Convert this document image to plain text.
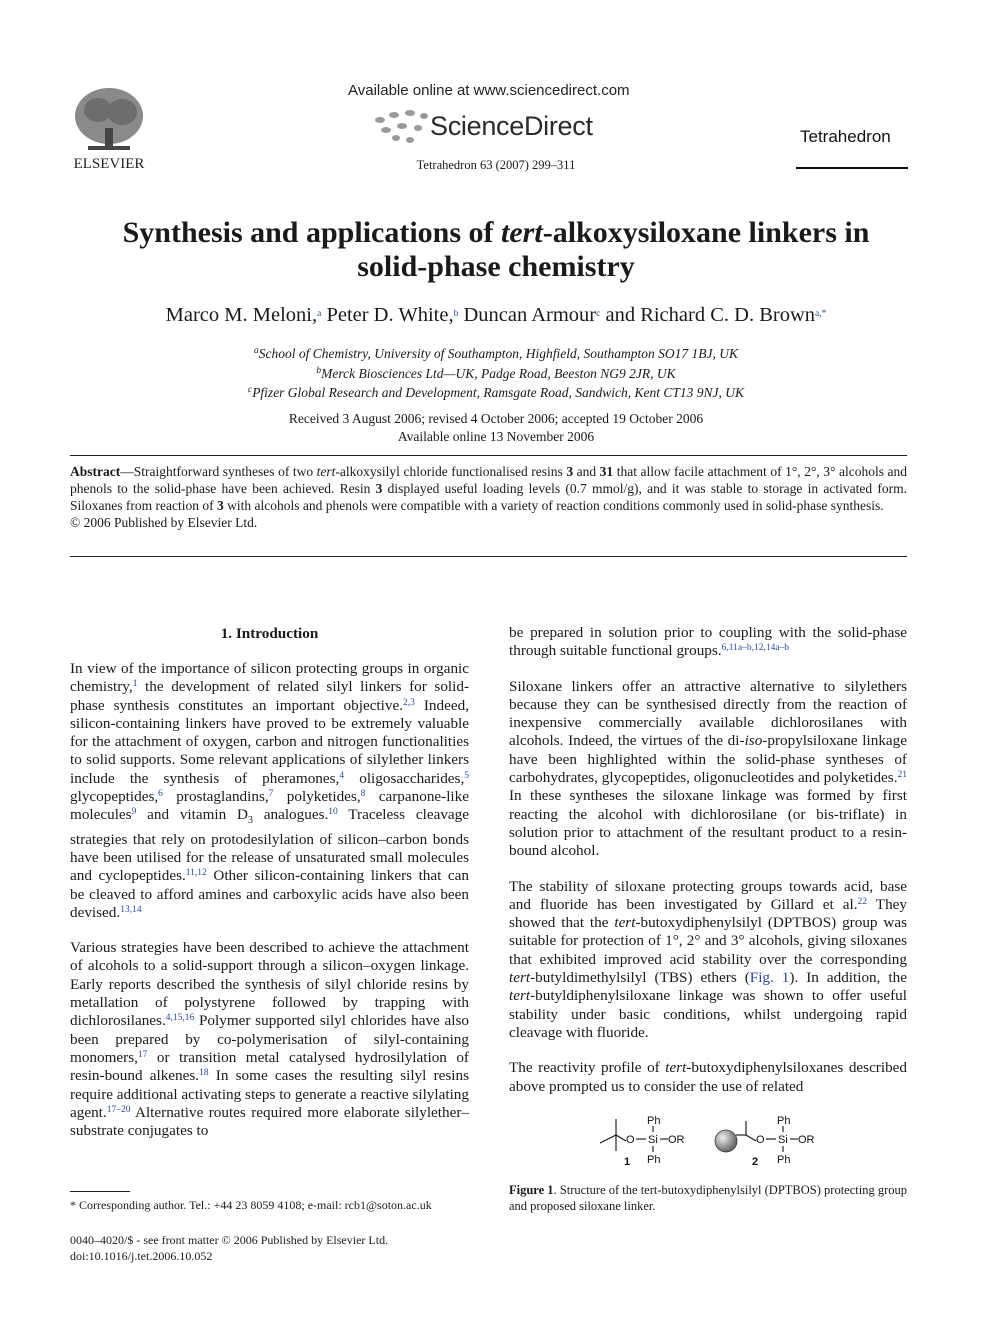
ELSEVIER
Available online at www.sciencedirect.com
ScienceDirect
Tetrahedron 63 (2007) 299–311
Tetrahedron
Synthesis and applications of tert-alkoxysiloxane linkers in
solid-phase chemistry
Marco M. Meloni,$^a$ Peter D. White,$^b$ Duncan Armour$^c$ and Richard C. D. Brown$^{a,*}$
$^a$School of Chemistry, University of Southampton, Highfield, Southampton SO17 1BJ, UK
$^b$Merck Biosciences Ltd—UK, Padge Road, Beeston NG9 2JR, UK
$^c$Pfizer Global Research and Development, Ramsgate Road, Sandwich, Kent CT13 9NJ, UK
Received 3 August 2006; revised 4 October 2006; accepted 19 October 2006
Available online 13 November 2006
Abstract—Straightforward syntheses of two tert-alkoxysilyl chloride functionalised resins 3 and 31 that allow facile attachment of 1°, 2°, 3° alcohols and phenols to the solid-phase have been achieved. Resin 3 displayed useful loading levels (0.7 mmol/g), and it was stable to storage in activated form. Siloxanes from reaction of 3 with alcohols and phenols were compatible with a variety of reaction conditions commonly used in solid-phase synthesis.
© 2006 Published by Elsevier Ltd.
1. Introduction

In view of the importance of silicon protecting groups in organic chemistry,$^1$ the development of related silyl linkers for solid-phase synthesis constitutes an important objective.$^{2,3}$ Indeed, silicon-containing linkers have proved to be extremely valuable for the attachment of oxygen, carbon and nitrogen functionalities to solid supports. Some relevant applications of silylether linkers include the synthesis of pheramones,$^4$ oligosaccharides,$^5$ glycopeptides,$^6$ prostaglandins,$^7$ polyketides,$^8$ carpanone-like molecules$^9$ and vitamin $D_3$ analogues.$^{10}$ Traceless cleavage strategies that rely on protodesilylation of silicon–carbon bonds have been utilised for the release of unsaturated small molecules and cyclopeptides.$^{11,12}$ Other silicon-containing linkers that can be cleaved to afford amines and carboxylic acids have also been devised.$^{13,14}$

Various strategies have been described to achieve the attachment of alcohols to a solid-support through a silicon–oxygen linkage. Early reports described the synthesis of silyl chloride resins by metallation of polystyrene followed by trapping with dichlorosilanes.$^{4,15,16}$ Polymer supported silyl chlorides have also been prepared by co-polymerisation of silyl-containing monomers,$^{17}$ or transition metal catalysed hydrosilylation of resin-bound alkenes.$^{18}$ In some cases the resulting silyl resins require additional activating steps to generate a reactive silylating agent.$^{17-20}$ Alternative routes required more elaborate silylether–substrate conjugates to

be prepared in solution prior to coupling with the solid-phase through suitable functional groups.$^{6,11a-b,12,14a-b}$

Siloxane linkers offer an attractive alternative to silylethers because they can be synthesised directly from the reaction of inexpensive commercially available dichlorosilanes with alcohols. Indeed, the virtues of the di-iso-propylsiloxane linkage have been highlighted within the solid-phase syntheses of carbohydrates, glycopeptides, oligonucleotides and polyketides.$^{21}$ In these syntheses the siloxane linkage was formed by first reacting the alcohol with dichlorosilane (or bis-triflate) in solution prior to attachment of the resultant product to a resin-bound alcohol.

The stability of siloxane protecting groups towards acid, base and fluoride has been investigated by Gillard et al.$^{22}$ They showed that the tert-butoxydiphenylsilyl (DPTBOS) group was suitable for protection of 1°, 2° and 3° alcohols, giving siloxanes that exhibited improved acid stability over the corresponding tert-butyldimethylsilyl (TBS) ethers (Fig. 1). In addition, the tert-butyldiphenylsiloxane linkage was shown to offer useful stability under basic conditions, whilst undergoing rapid cleavage with fluoride.

The reactivity profile of tert-butoxydiphenylsiloxanes described above prompted us to consider the use of related

O Si OR
Ph
Ph
1
O Si OR
Ph
Ph
2
Figure 1. Structure of the tert-butoxydiphenylsilyl (DPTBOS) protecting group and proposed siloxane linker.
* Corresponding author. Tel.: +44 23 8059 4108; e-mail: rcb1@soton.ac.uk
0040–4020/$ - see front matter © 2006 Published by Elsevier Ltd.
doi:10.1016/j.tet.2006.10.052
